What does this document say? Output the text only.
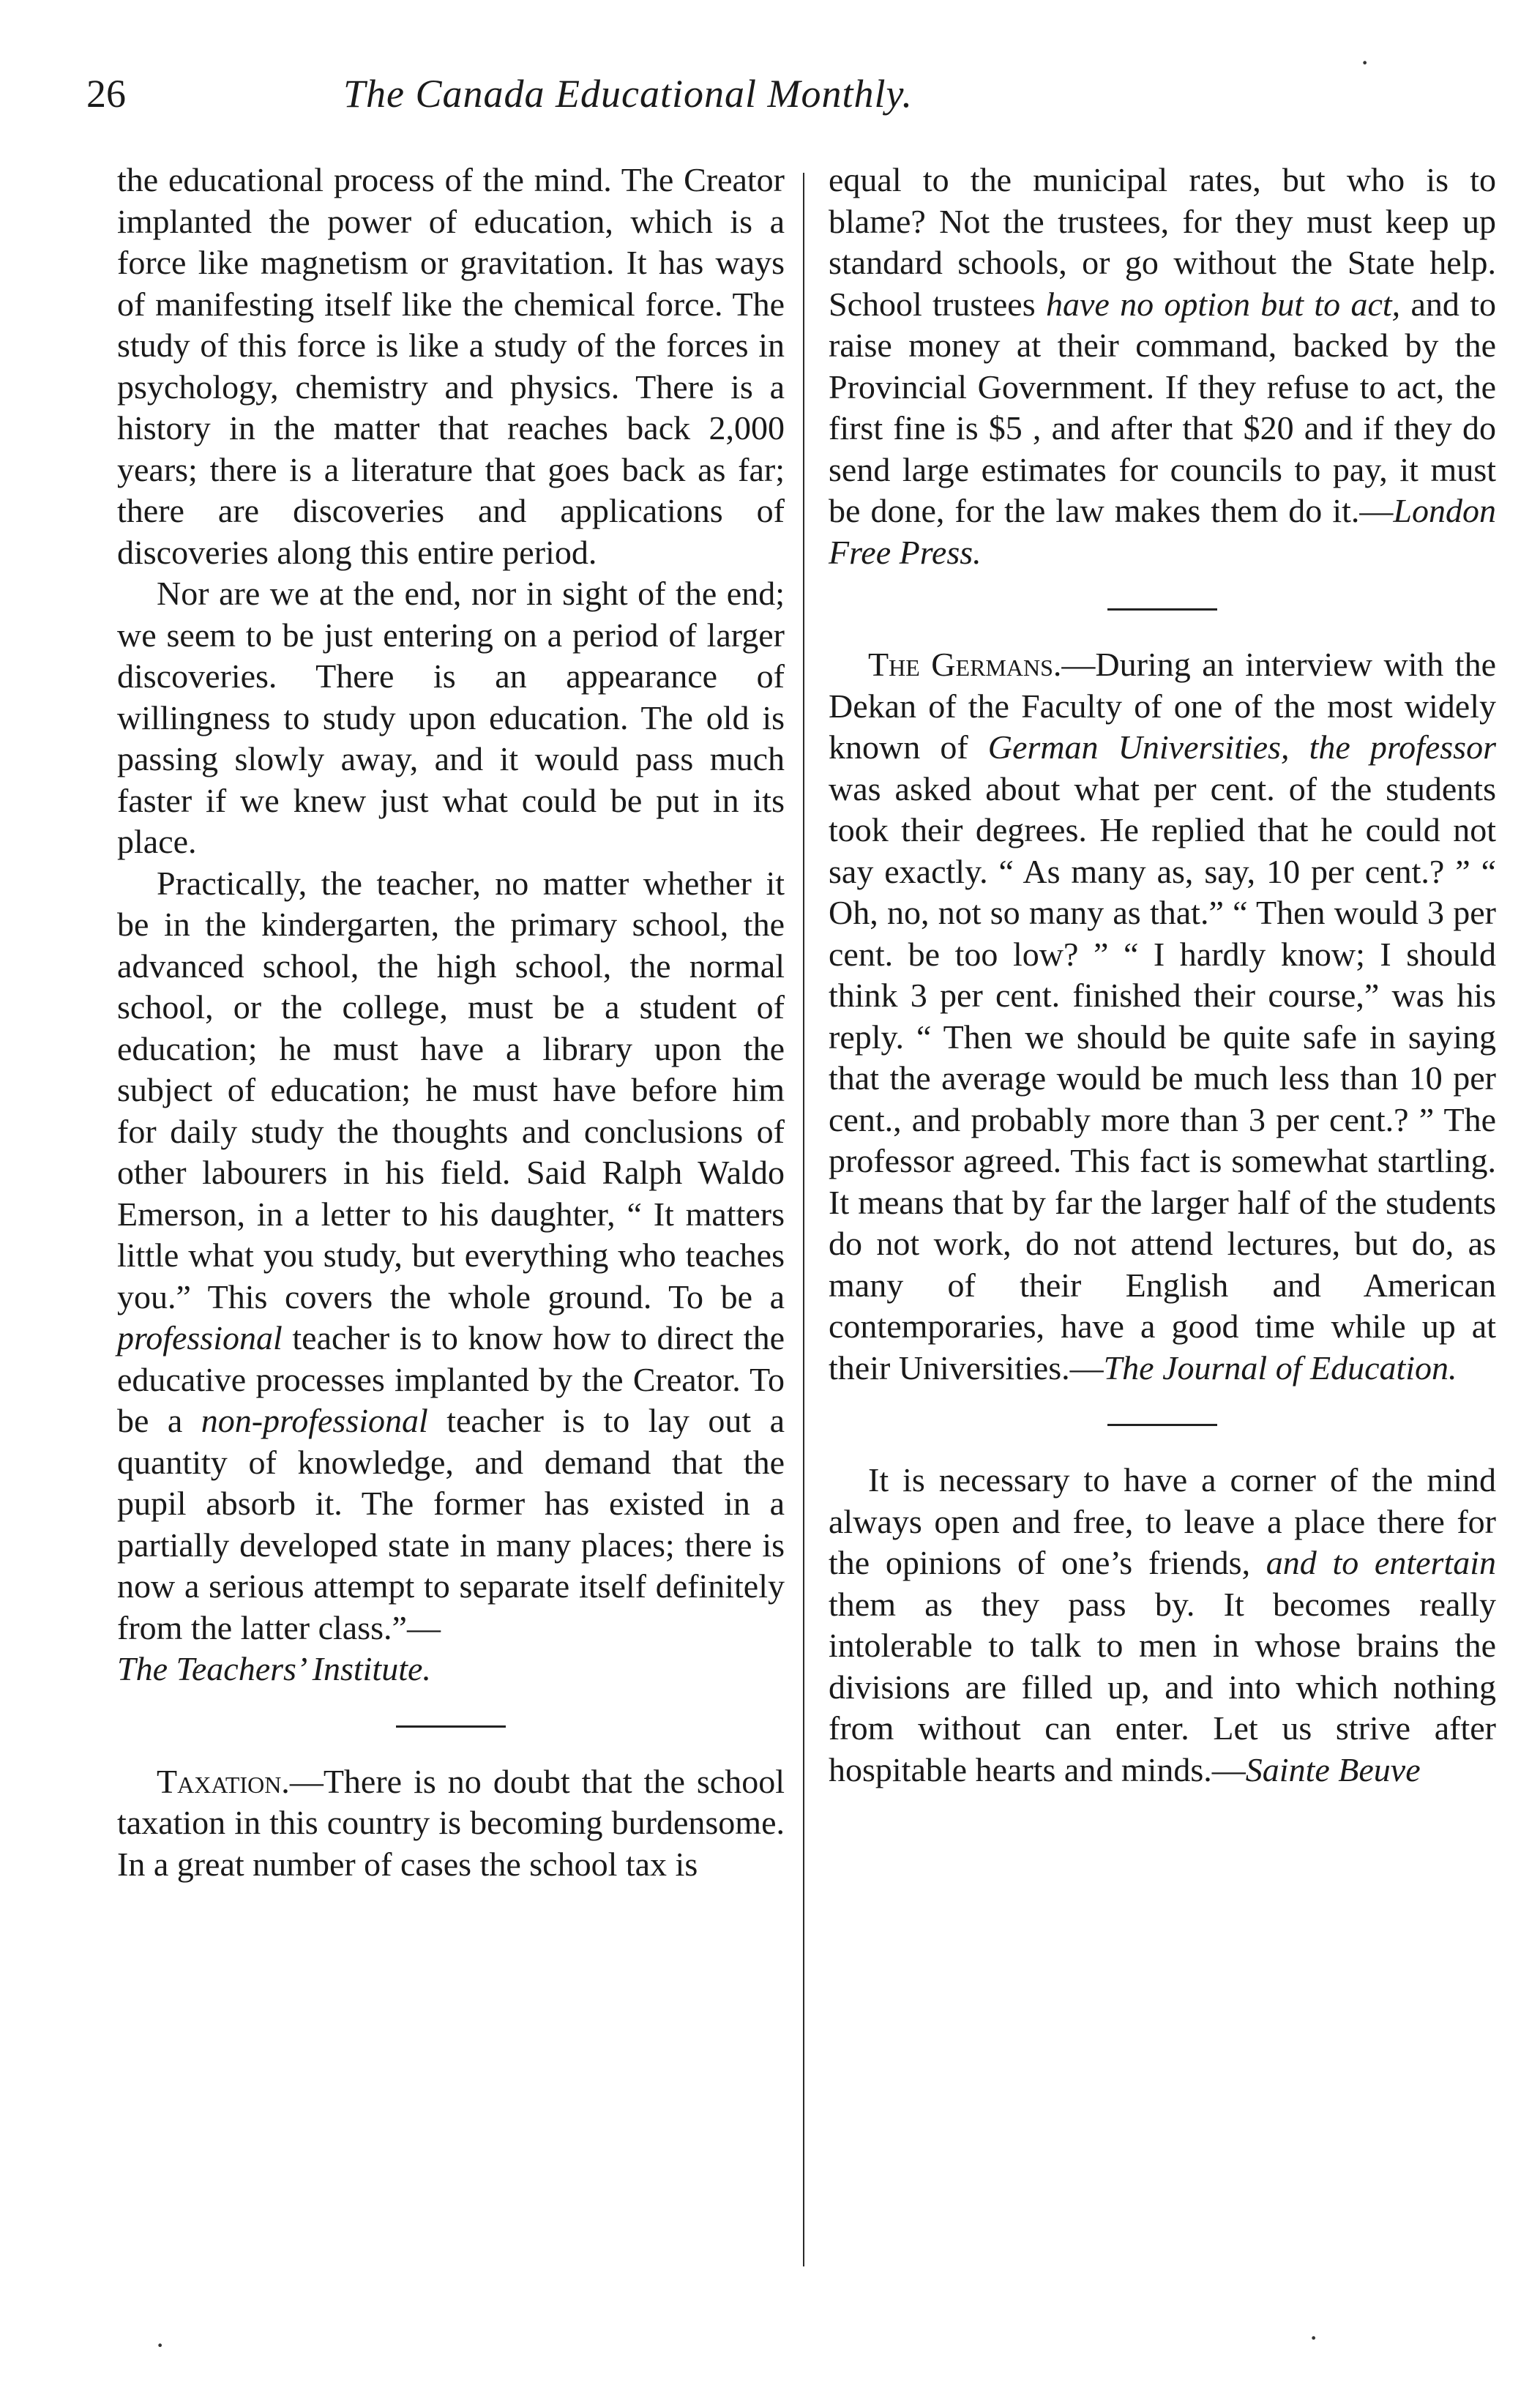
26	The Canada Educational Monthly.

the educational process of the mind. The Creator implanted the power of education, which is a force like magnetism or gravitation. It has ways of manifesting itself like the chemical force. The study of this force is like a study of the forces in psychology, chemistry and physics. There is a history in the matter that reaches back 2,000 years; there is a literature that goes back as far; there are discoveries and applications of discoveries along this entire period.

Nor are we at the end, nor in sight of the end; we seem to be just entering on a period of larger discoveries. There is an appearance of willingness to study upon education. The old is passing slowly away, and it would pass much faster if we knew just what could be put in its place.

Practically, the teacher, no matter whether it be in the kindergarten, the primary school, the advanced school, the high school, the normal school, or the college, must be a student of education; he must have a library upon the subject of education; he must have before him for daily study the thoughts and conclusions of other labourers in his field. Said Ralph Waldo Emerson, in a letter to his daughter, “ It matters little what you study, but everything who teaches you.” This covers the whole ground. To be a professional teacher is to know how to direct the educative processes implanted by the Creator. To be a non-professional teacher is to lay out a quantity of knowledge, and demand that the pupil absorb it. The former has existed in a partially developed state in many places; there is now a serious attempt to separate itself definitely from the latter class.”—
The Teachers’ Institute.

Taxation.—There is no doubt that the school taxation in this country is becoming burdensome. In a great number of cases the school tax is

equal to the municipal rates, but who is to blame? Not the trustees, for they must keep up standard schools, or go without the State help. School trustees have no option but to act, and to raise money at their command, backed by the Provincial Government. If they refuse to act, the first fine is $5 , and after that $20 and if they do send large estimates for councils to pay, it must be done, for the law makes them do it.—London Free Press.

The Germans.—During an interview with the Dekan of the Faculty of one of the most widely known of German Universities, the professor was asked about what per cent. of the students took their degrees. He replied that he could not say exactly. “ As many as, say, 10 per cent.? ” “ Oh, no, not so many as that.” “ Then would 3 per cent. be too low? ” “ I hardly know; I should think 3 per cent. finished their course,” was his reply. “ Then we should be quite safe in saying that the average would be much less than 10 per cent., and probably more than 3 per cent.? ” The professor agreed. This fact is somewhat startling. It means that by far the larger half of the students do not work, do not attend lectures, but do, as many of their English and American contemporaries, have a good time while up at their Universities.—The Journal of Education.

It is necessary to have a corner of the mind always open and free, to leave a place there for the opinions of one’s friends, and to entertain them as they pass by. It becomes really intolerable to talk to men in whose brains the divisions are filled up, and into which nothing from without can enter. Let us strive after hospitable hearts and minds.—Sainte Beuve

·
·	·
